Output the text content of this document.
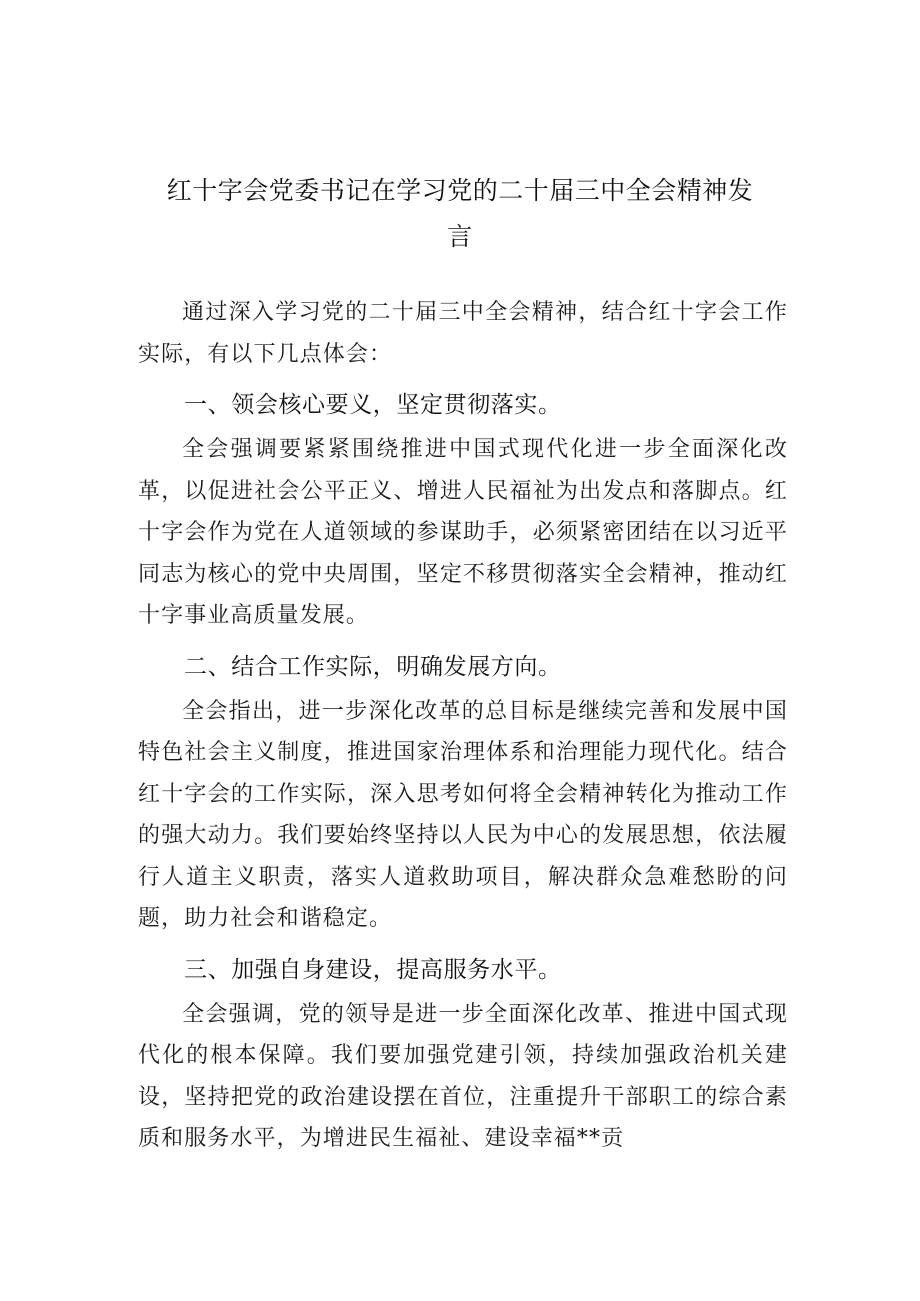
红十字会党委书记在学习党的二十届三中全会精神发
言

通过深入学习党的二十届三中全会精神，结合红十字会工作实际，有以下几点体会：

一、领会核心要义，坚定贯彻落实。

全会强调要紧紧围绕推进中国式现代化进一步全面深化改革，以促进社会公平正义、增进人民福祉为出发点和落脚点。红十字会作为党在人道领域的参谋助手，必须紧密团结在以习近平同志为核心的党中央周围，坚定不移贯彻落实全会精神，推动红十字事业高质量发展。

二、结合工作实际，明确发展方向。

全会指出，进一步深化改革的总目标是继续完善和发展中国特色社会主义制度，推进国家治理体系和治理能力现代化。结合红十字会的工作实际，深入思考如何将全会精神转化为推动工作的强大动力。我们要始终坚持以人民为中心的发展思想，依法履行人道主义职责，落实人道救助项目，解决群众急难愁盼的问题，助力社会和谐稳定。

三、加强自身建设，提高服务水平。

全会强调，党的领导是进一步全面深化改革、推进中国式现代化的根本保障。我们要加强党建引领，持续加强政治机关建设，坚持把党的政治建设摆在首位，注重提升干部职工的综合素质和服务水平，为增进民生福祉、建设幸福**贡
